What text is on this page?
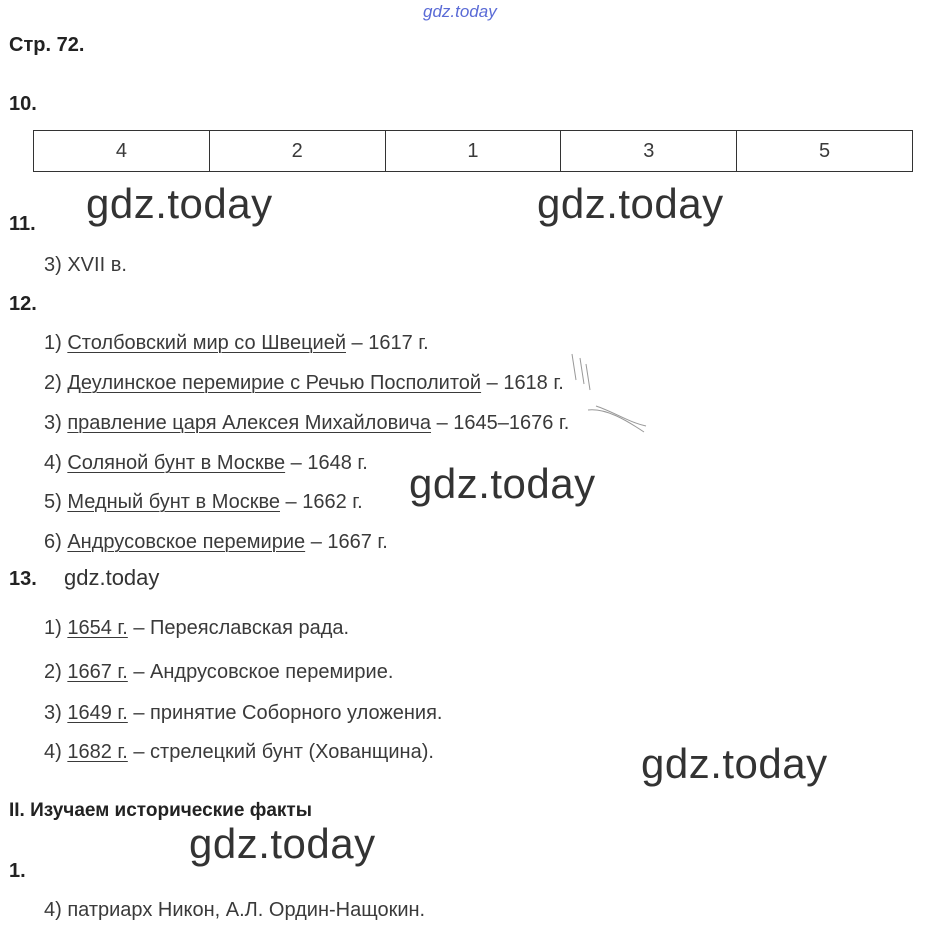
gdz.today
Стр. 72.
10.
4	2	1	3	5
gdz.today	gdz.today
11.
3) XVII в.
12.
1) Столбовский мир со Швецией – 1617 г.
2) Деулинское перемирие с Речью Посполитой – 1618 г.
3) правление царя Алексея Михайловича – 1645–1676 г.
4) Соляной бунт в Москве – 1648 г.
5) Медный бунт в Москве – 1662 г.
6) Андрусовское перемирие – 1667 г.
gdz.today
13. gdz.today
1) 1654 г. – Переяславская рада.
2) 1667 г. – Андрусовское перемирие.
3) 1649 г. – принятие Соборного уложения.
4) 1682 г. – стрелецкий бунт (Хованщина).	gdz.today
II. Изучаем исторические факты
gdz.today
1.
4) патриарх Никон, А.Л. Ордин-Нащокин.
